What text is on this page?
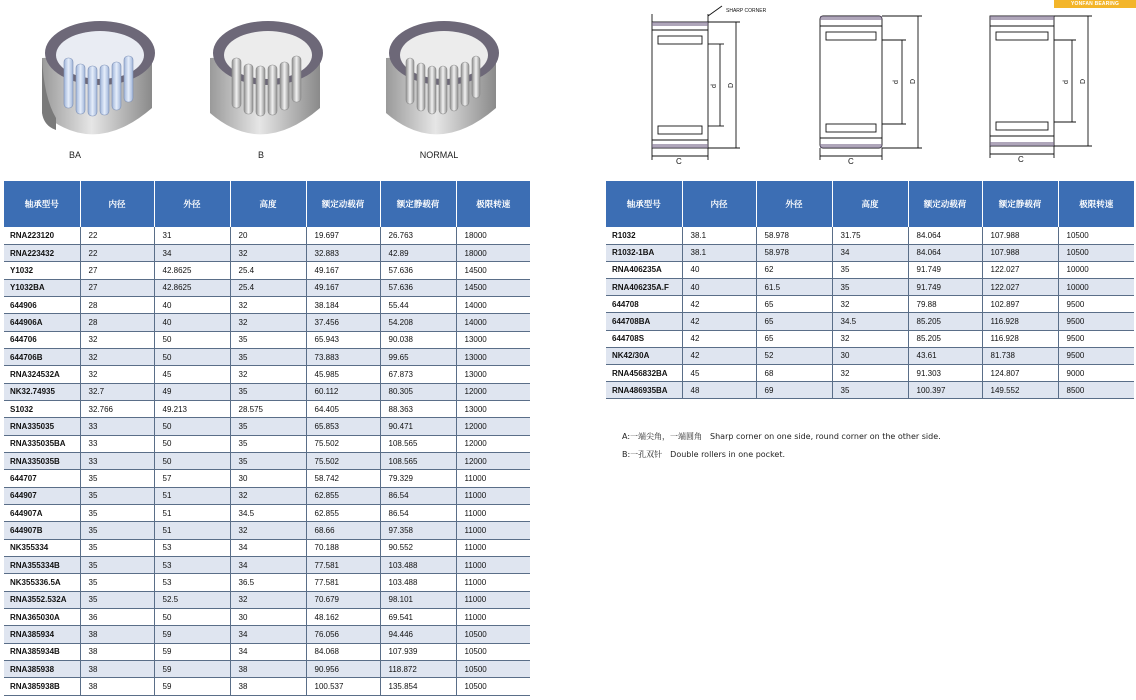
YONFAN BEARING
BA	B	NORMAL
SHARP CORNER
C
d D
C
d D
C
d D
轴承型号	内径	外径	高度	额定动载荷	额定静载荷	极限转速
RNA223120	22	31	20	19.697	26.763	18000
RNA223432	22	34	32	32.883	42.89	18000
Y1032	27	42.8625	25.4	49.167	57.636	14500
Y1032BA	27	42.8625	25.4	49.167	57.636	14500
644906	28	40	32	38.184	55.44	14000
644906A	28	40	32	37.456	54.208	14000
644706	32	50	35	65.943	90.038	13000
644706B	32	50	35	73.883	99.65	13000
RNA324532A	32	45	32	45.985	67.873	13000
NK32.74935	32.7	49	35	60.112	80.305	12000
S1032	32.766	49.213	28.575	64.405	88.363	13000
RNA335035	33	50	35	65.853	90.471	12000
RNA335035BA	33	50	35	75.502	108.565	12000
RNA335035B	33	50	35	75.502	108.565	12000
644707	35	57	30	58.742	79.329	11000
644907	35	51	32	62.855	86.54	11000
644907A	35	51	34.5	62.855	86.54	11000
644907B	35	51	32	68.66	97.358	11000
NK355334	35	53	34	70.188	90.552	11000
RNA355334B	35	53	34	77.581	103.488	11000
NK355336.5A	35	53	36.5	77.581	103.488	11000
RNA3552.532A	35	52.5	32	70.679	98.101	11000
RNA365030A	36	50	30	48.162	69.541	11000
RNA385934	38	59	34	76.056	94.446	10500
RNA385934B	38	59	34	84.068	107.939	10500
RNA385938	38	59	38	90.956	118.872	10500
RNA385938B	38	59	38	100.537	135.854	10500
轴承型号	内径	外径	高度	额定动载荷	额定静载荷	极限转速
R1032	38.1	58.978	31.75	84.064	107.988	10500
R1032-1BA	38.1	58.978	34	84.064	107.988	10500
RNA406235A	40	62	35	91.749	122.027	10000
RNA406235A.F	40	61.5	35	91.749	122.027	10000
644708	42	65	32	79.88	102.897	9500
644708BA	42	65	34.5	85.205	116.928	9500
644708S	42	65	32	85.205	116.928	9500
NK42/30A	42	52	30	43.61	81.738	9500
RNA456832BA	45	68	32	91.303	124.807	9000
RNA486935BA	48	69	35	100.397	149.552	8500
A:一端尖角，一端圆角　Sharp corner on one side, round corner on the other side.
B:一孔双针　Double rollers in one pocket.
